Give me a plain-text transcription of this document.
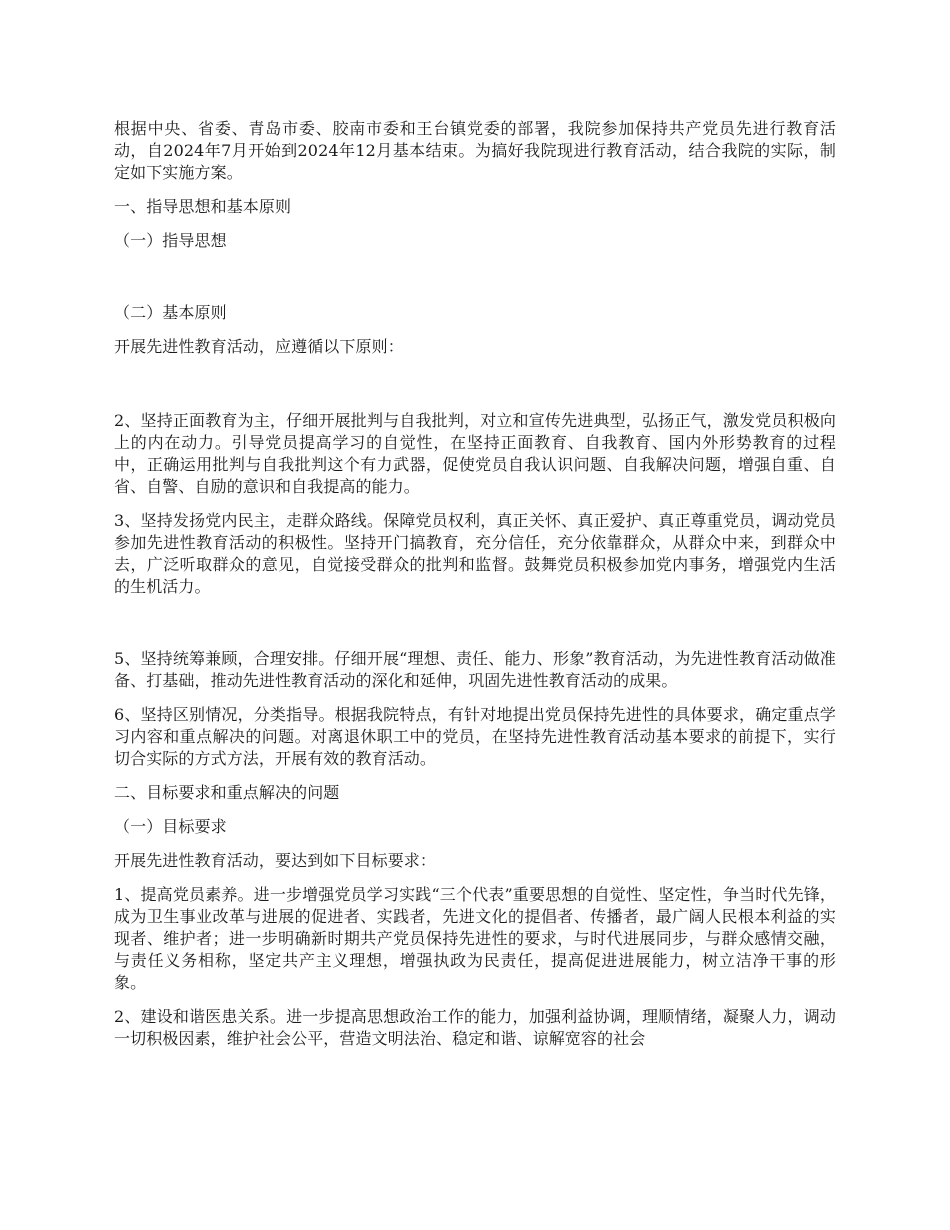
根据中央、省委、青岛市委、胶南市委和王台镇党委的部署，我院参加保持共产党员先进行教育活动，自2024年7月开始到2024年12月基本结束。为搞好我院现进行教育活动，结合我院的实际，制定如下实施方案。

一、指导思想和基本原则

（一）指导思想

（二）基本原则

开展先进性教育活动，应遵循以下原则：

2、坚持正面教育为主，仔细开展批判与自我批判，对立和宣传先进典型，弘扬正气，激发党员积极向上的内在动力。引导党员提高学习的自觉性，在坚持正面教育、自我教育、国内外形势教育的过程中，正确运用批判与自我批判这个有力武器，促使党员自我认识问题、自我解决问题，增强自重、自省、自警、自励的意识和自我提高的能力。

3、坚持发扬党内民主，走群众路线。保障党员权利，真正关怀、真正爱护、真正尊重党员，调动党员参加先进性教育活动的积极性。坚持开门搞教育，充分信任，充分依靠群众，从群众中来，到群众中去，广泛听取群众的意见，自觉接受群众的批判和监督。鼓舞党员积极参加党内事务，增强党内生活的生机活力。

5、坚持统筹兼顾，合理安排。仔细开展“理想、责任、能力、形象”教育活动，为先进性教育活动做准备、打基础，推动先进性教育活动的深化和延伸，巩固先进性教育活动的成果。

6、坚持区别情况，分类指导。根据我院特点，有针对地提出党员保持先进性的具体要求，确定重点学习内容和重点解决的问题。对离退休职工中的党员，在坚持先进性教育活动基本要求的前提下，实行切合实际的方式方法，开展有效的教育活动。

二、目标要求和重点解决的问题

（一）目标要求

开展先进性教育活动，要达到如下目标要求：

1、提高党员素养。进一步增强党员学习实践“三个代表”重要思想的自觉性、坚定性，争当时代先锋，成为卫生事业改革与进展的促进者、实践者，先进文化的提倡者、传播者，最广阔人民根本利益的实现者、维护者；进一步明确新时期共产党员保持先进性的要求，与时代进展同步，与群众感情交融，与责任义务相称，坚定共产主义理想，增强执政为民责任，提高促进进展能力，树立洁净干事的形象。

2、建设和谐医患关系。进一步提高思想政治工作的能力，加强利益协调，理顺情绪，凝聚人力，调动一切积极因素，维护社会公平，营造文明法治、稳定和谐、谅解宽容的社会
